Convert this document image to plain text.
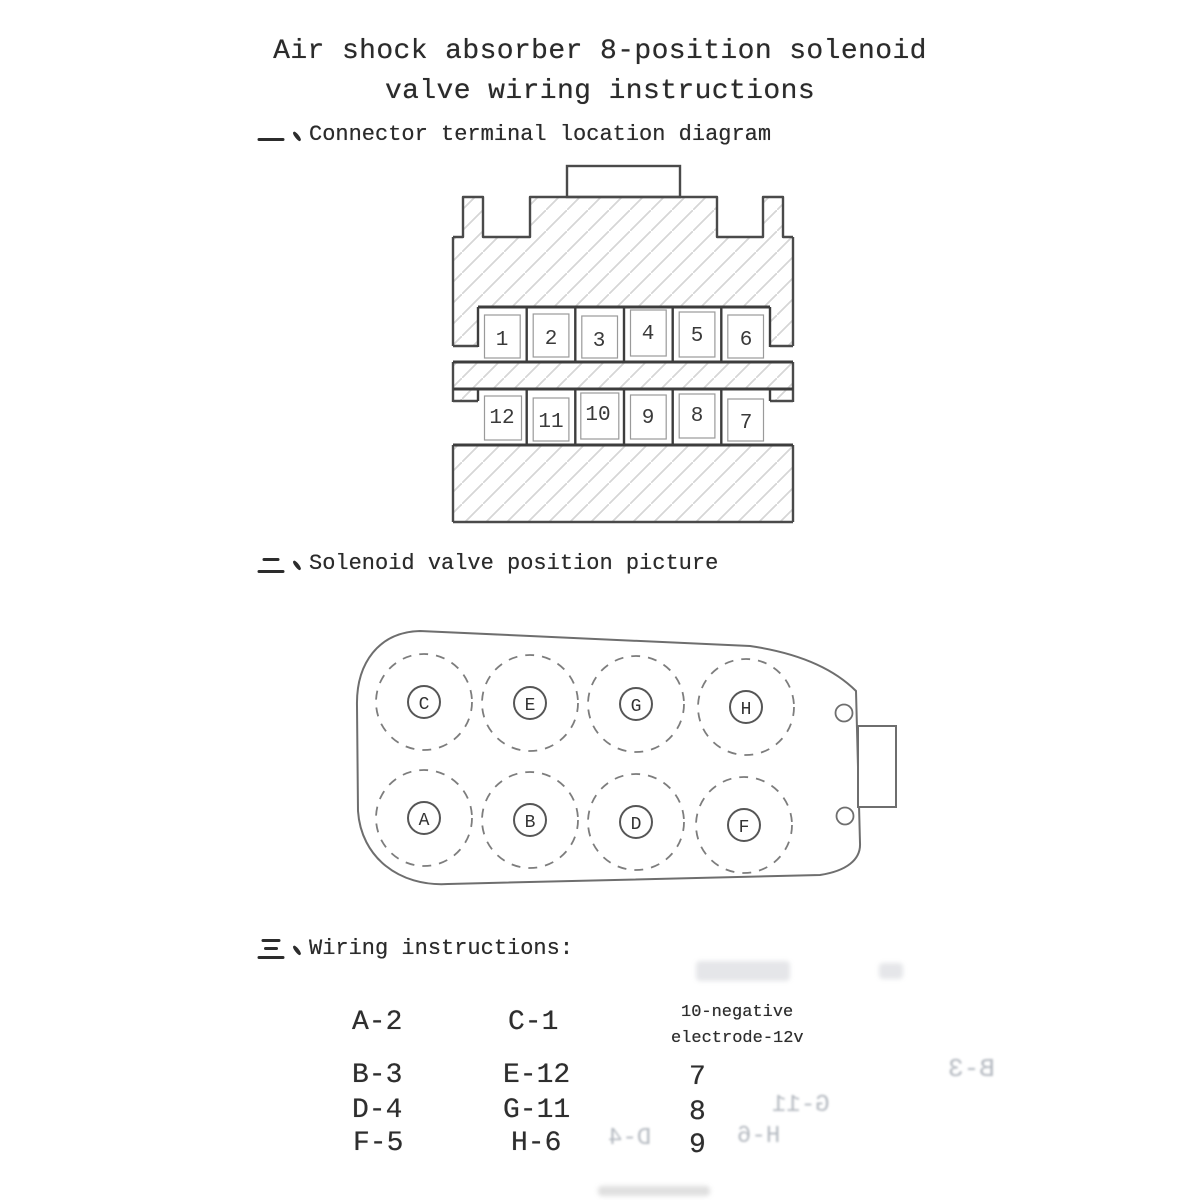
Air shock absorber 8-position solenoid
valve wiring instructions
Connector terminal location diagram
1 2 3 4 5 6
12 11 10 9 8 7
Solenoid valve position picture
C	E	G	H
A	B	D	F
Wiring instructions:
A-2	C-1	10-negative
electrode-12v
B-3	E-12	7
D-4	G-11	8
F-5	H-6	9
B-3
G-11
D-4	H-6
